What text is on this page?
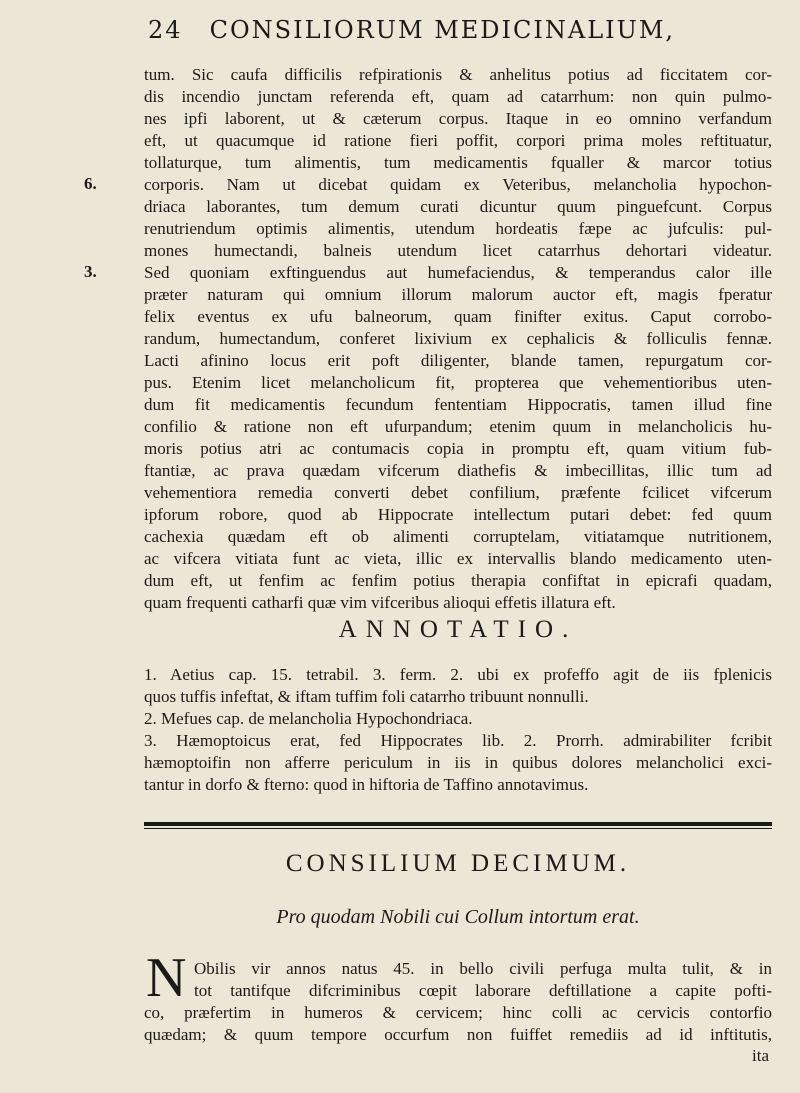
24 CONSILIORUM MEDICINALIUM,
6.
3.
tum. Sic caufa difficilis refpirationis & anhelitus potius ad ficcitatem cor-
dis incendio junctam referenda eft, quam ad catarrhum: non quin pulmo-
nes ipfi laborent, ut & cæterum corpus. Itaque in eo omnino verfandum
eft, ut quacumque id ratione fieri poffit, corpori prima moles reftituatur,
tollaturque, tum alimentis, tum medicamentis fqualler & marcor totius
corporis. Nam ut dicebat quidam ex Veteribus, melancholia hypochon-
driaca laborantes, tum demum curati dicuntur quum pinguefcunt. Corpus
renutriendum optimis alimentis, utendum hordeatis fæpe ac jufculis: pul-
mones humectandi, balneis utendum licet catarrhus dehortari videatur.
Sed quoniam exftinguendus aut humefaciendus, & temperandus calor ille
præter naturam qui omnium illorum malorum auctor eft, magis fperatur
felix eventus ex ufu balneorum, quam finifter exitus. Caput corrobo-
randum, humectandum, conferet lixivium ex cephalicis & folliculis fennæ.
Lacti afinino locus erit poft diligenter, blande tamen, repurgatum cor-
pus. Etenim licet melancholicum fit, propterea que vehementioribus uten-
dum fit medicamentis fecundum fententiam Hippocratis, tamen illud fine
confilio & ratione non eft ufurpandum; etenim quum in melancholicis hu-
moris potius atri ac contumacis copia in promptu eft, quam vitium fub-
ftantiæ, ac prava quædam vifcerum diathefis & imbecillitas, illic tum ad
vehementiora remedia converti debet confilium, præfente fcilicet vifcerum
ipforum robore, quod ab Hippocrate intellectum putari debet: fed quum
cachexia quædam eft ob alimenti corruptelam, vitiatamque nutritionem,
ac vifcera vitiata funt ac vieta, illic ex intervallis blando medicamento uten-
dum eft, ut fenfim ac fenfim potius therapia confiftat in epicrafi quadam,
quam frequenti catharfi quæ vim vifceribus alioqui effetis illatura eft.
ANNOTATIO.
1. Aetius cap. 15. tetrabil. 3. ferm. 2. ubi ex profeffo agit de iis fplenicis
quos tuffis infeftat, & iftam tuffim foli catarrho tribuunt nonnulli.
2. Mefues cap. de melancholia Hypochondriaca.
3. Hæmoptoicus erat, fed Hippocrates lib. 2. Prorrh. admirabiliter fcribit
hæmoptoifin non afferre periculum in iis in quibus dolores melancholici exci-
tantur in dorfo & fterno: quod in hiftoria de Taffino annotavimus.
CONSILIUM DECIMUM.
Pro quodam Nobili cui Collum intortum erat.
N Obilis vir annos natus 45. in bello civili perfuga multa tulit, & in
tot tantifque difcriminibus cœpit laborare deftillatione a capite pofti-
co, præfertim in humeros & cervicem; hinc colli ac cervicis contorfio
quædam; & quum tempore occurfum non fuiffet remediis ad id inftitutis,
ita
